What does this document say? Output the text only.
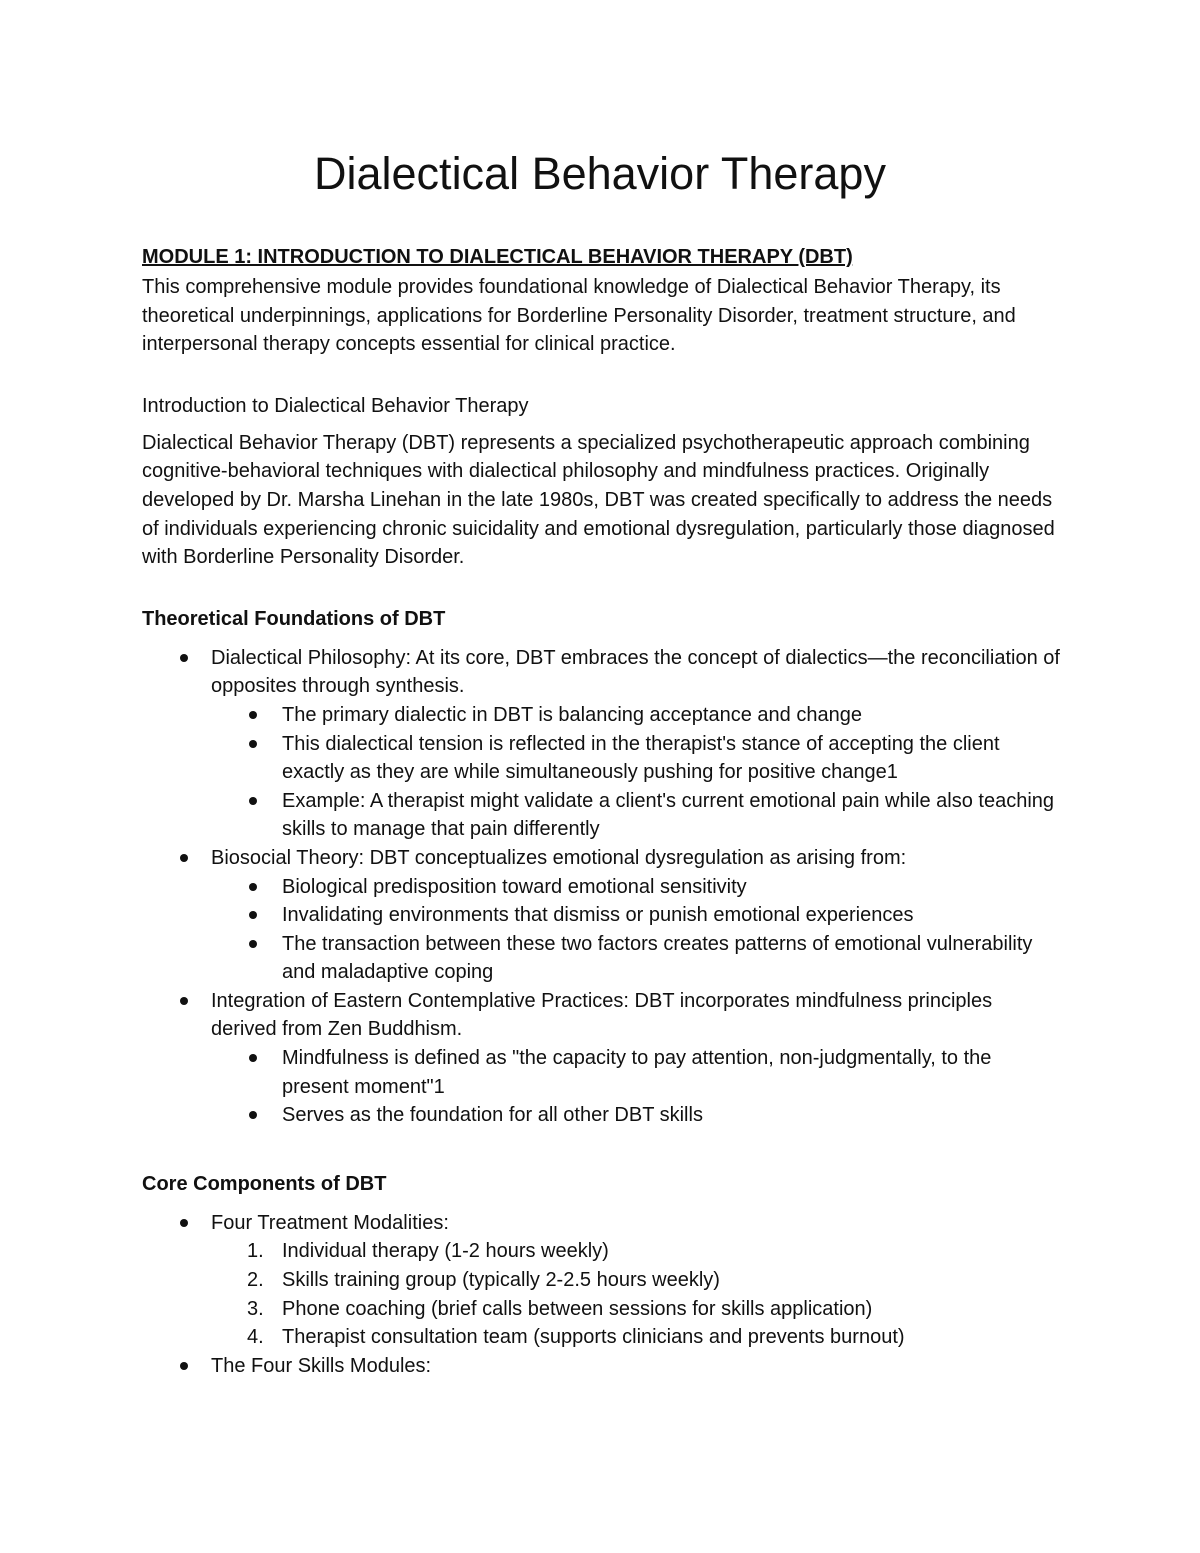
Dialectical Behavior Therapy
MODULE 1: INTRODUCTION TO DIALECTICAL BEHAVIOR THERAPY (DBT)

This comprehensive module provides foundational knowledge of Dialectical Behavior Therapy, its theoretical underpinnings, applications for Borderline Personality Disorder, treatment structure, and interpersonal therapy concepts essential for clinical practice.

Introduction to Dialectical Behavior Therapy

Dialectical Behavior Therapy (DBT) represents a specialized psychotherapeutic approach combining cognitive-behavioral techniques with dialectical philosophy and mindfulness practices. Originally developed by Dr. Marsha Linehan in the late 1980s, DBT was created specifically to address the needs of individuals experiencing chronic suicidality and emotional dysregulation, particularly those diagnosed with Borderline Personality Disorder.

Theoretical Foundations of DBT
Dialectical Philosophy: At its core, DBT embraces the concept of dialectics—the reconciliation of opposites through synthesis.
The primary dialectic in DBT is balancing acceptance and change
This dialectical tension is reflected in the therapist's stance of accepting the client exactly as they are while simultaneously pushing for positive change1
Example: A therapist might validate a client's current emotional pain while also teaching skills to manage that pain differently
Biosocial Theory: DBT conceptualizes emotional dysregulation as arising from:
Biological predisposition toward emotional sensitivity
Invalidating environments that dismiss or punish emotional experiences
The transaction between these two factors creates patterns of emotional vulnerability and maladaptive coping
Integration of Eastern Contemplative Practices: DBT incorporates mindfulness principles derived from Zen Buddhism.
Mindfulness is defined as "the capacity to pay attention, non-judgmentally, to the present moment"1
Serves as the foundation for all other DBT skills
Core Components of DBT
Four Treatment Modalities:
1. Individual therapy (1-2 hours weekly)
2. Skills training group (typically 2-2.5 hours weekly)
3. Phone coaching (brief calls between sessions for skills application)
4. Therapist consultation team (supports clinicians and prevents burnout)
The Four Skills Modules:
